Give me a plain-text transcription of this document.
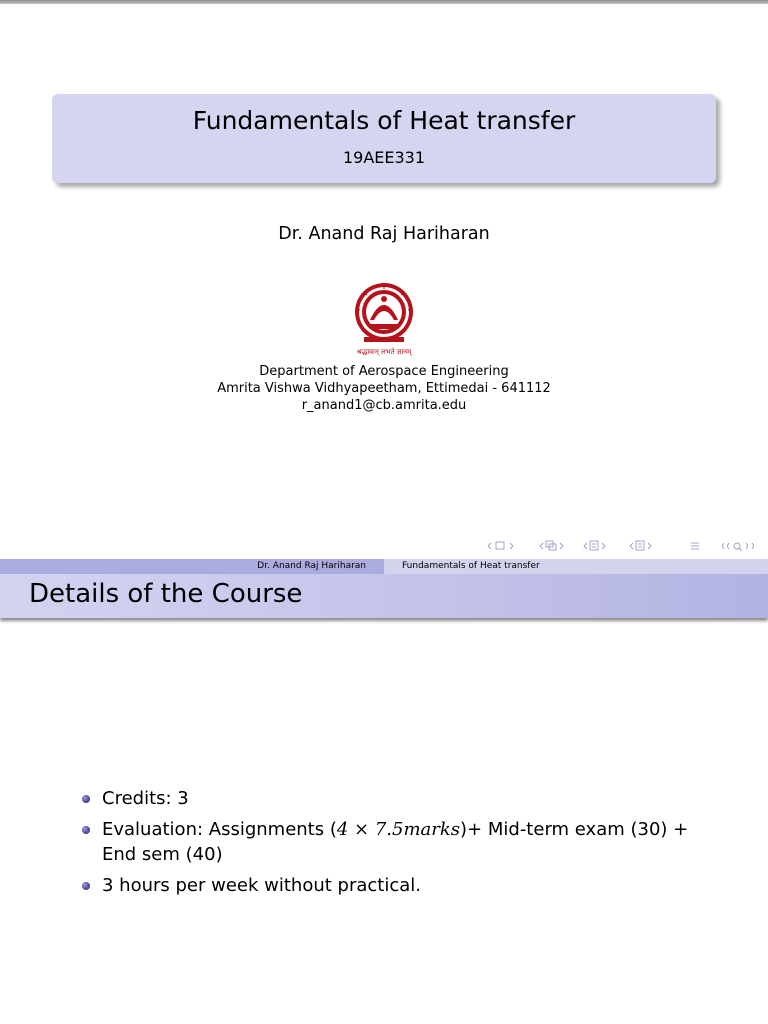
Fundamentals of Heat transfer
19AEE331
Dr. Anand Raj Hariharan
श्रद्धावान् लभते ज्ञानम्
Department of Aerospace Engineering
Amrita Vishwa Vidhyapeetham, Ettimedai - 641112
r_anand1@cb.amrita.edu
Dr. Anand Raj Hariharan	Fundamentals of Heat transfer
Details of the Course
Credits: 3
Evaluation: Assignments (4 × 7.5marks)+ Mid-term exam (30) +
End sem (40)
3 hours per week without practical.
